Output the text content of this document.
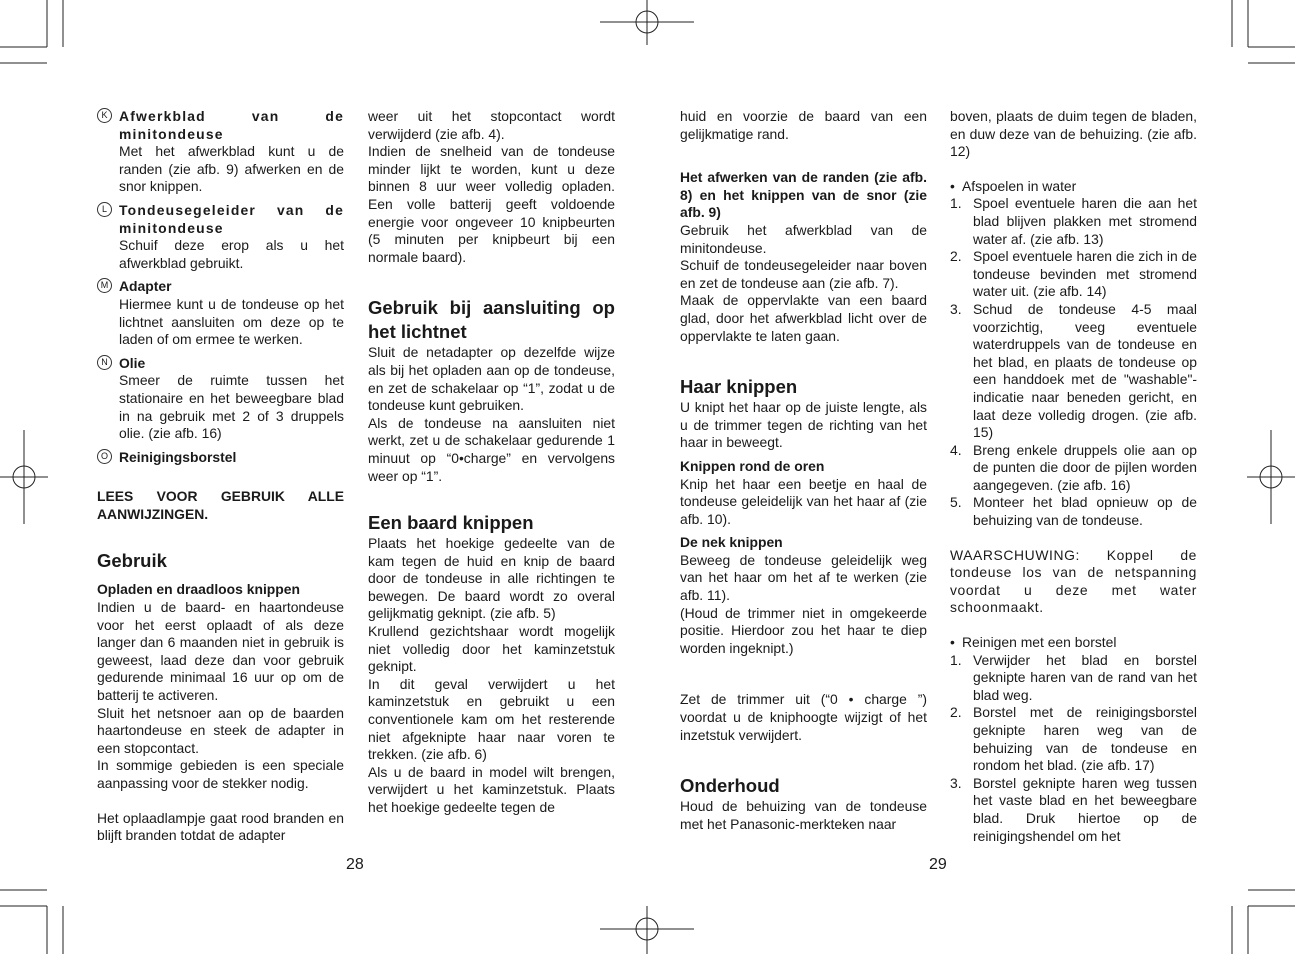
K Afwerkblad van de minitondeuse

Met het afwerkblad kunt u de randen (zie afb. 9) afwerken en de snor knippen.

L Tondeusegeleider van de minitondeuse

Schuif deze erop als u het afwerkblad gebruikt.

M Adapter

Hiermee kunt u de tondeuse op het lichtnet aansluiten om deze op te laden of om ermee te werken.

N Olie

Smeer de ruimte tussen het stationaire en het beweegbare blad in na gebruik met 2 of 3 druppels olie. (zie afb. 16)

O Reinigingsborstel

LEES VOOR GEBRUIK ALLE AANWIJZINGEN.

Gebruik

Opladen en draadloos knippen

Indien u de baard- en haartondeuse voor het eerst oplaadt of als deze langer dan 6 maanden niet in gebruik is geweest, laad deze dan voor gebruik gedurende minimaal 16 uur op om de batterij te activeren.

Sluit het netsnoer aan op de baarden haartondeuse en steek de adapter in een stopcontact.

In sommige gebieden is een speciale aanpassing voor de stekker nodig.

Het oplaadlampje gaat rood branden en blijft branden totdat de adapter

weer uit het stopcontact wordt verwijderd (zie afb. 4).

Indien de snelheid van de tondeuse minder lijkt te worden, kunt u deze binnen 8 uur weer volledig opladen. Een volle batterij geeft voldoende energie voor ongeveer 10 knipbeurten (5 minuten per knipbeurt bij een normale baard).

Gebruik bij aansluiting op het lichtnet

Sluit de netadapter op dezelfde wijze als bij het opladen aan op de tondeuse, en zet de schakelaar op “1”, zodat u de tondeuse kunt gebruiken.

Als de tondeuse na aansluiten niet werkt, zet u de schakelaar gedurende 1 minuut op “0•charge” en vervolgens weer op “1”.

Een baard knippen

Plaats het hoekige gedeelte van de kam tegen de huid en knip de baard door de tondeuse in alle richtingen te bewegen. De baard wordt zo overal gelijkmatig geknipt. (zie afb. 5)

Krullend gezichtshaar wordt mogelijk niet volledig door het kaminzetstuk geknipt.

In dit geval verwijdert u het kaminzetstuk en gebruikt u een conventionele kam om het resterende niet afgeknipte haar naar voren te trekken. (zie afb. 6)

Als u de baard in model wilt brengen, verwijdert u het kaminzetstuk. Plaats het hoekige gedeelte tegen de

huid en voorzie de baard van een gelijkmatige rand.

Het afwerken van de randen (zie afb. 8) en het knippen van de snor (zie afb. 9)

Gebruik het afwerkblad van de minitondeuse.

Schuif de tondeusegeleider naar boven en zet de tondeuse aan (zie afb. 7).

Maak de oppervlakte van een baard glad, door het afwerkblad licht over de oppervlakte te laten gaan.

Haar knippen

U knipt het haar op de juiste lengte, als u de trimmer tegen de richting van het haar in beweegt.

Knippen rond de oren

Knip het haar een beetje en haal de tondeuse geleidelijk van het haar af (zie afb. 10).

De nek knippen

Beweeg de tondeuse geleidelijk weg van het haar om het af te werken (zie afb. 11).

(Houd de trimmer niet in omgekeerde positie. Hierdoor zou het haar te diep worden ingeknipt.)

Zet de trimmer uit (“0 • charge ”) voordat u de kniphoogte wijzigt of het inzetstuk verwijdert.

Onderhoud

Houd de behuizing van de tondeuse met het Panasonic-merkteken naar

boven, plaats de duim tegen de bladen, en duw deze van de behuizing. (zie afb. 12)

• Afspoelen in water
1. Spoel eventuele haren die aan het blad blijven plakken met stromend water af. (zie afb. 13)

2. Spoel eventuele haren die zich in de tondeuse bevinden met stromend water uit. (zie afb. 14)

3. Schud de tondeuse 4-5 maal voorzichtig, veeg eventuele waterdruppels van de tondeuse en het blad, en plaats de tondeuse op een handdoek met de "washable"-indicatie naar beneden gericht, en laat deze volledig drogen. (zie afb. 15)

4. Breng enkele druppels olie aan op de punten die door de pijlen worden aangegeven. (zie afb. 16)

5. Monteer het blad opnieuw op de behuizing van de tondeuse.

WAARSCHUWING: Koppel de tondeuse los van de netspanning voordat u deze met water schoonmaakt.

• Reinigen met een borstel
1. Verwijder het blad en borstel geknipte haren van de rand van het blad weg.

2. Borstel met de reinigingsborstel geknipte haren weg van de behuizing van de tondeuse en rondom het blad. (zie afb. 17)

3. Borstel geknipte haren weg tussen het vaste blad en het beweegbare blad. Druk hiertoe op de reinigingshendel om het

28	29
